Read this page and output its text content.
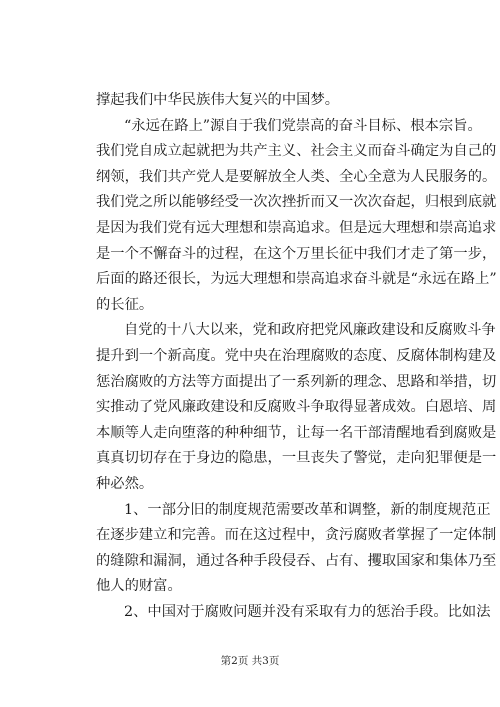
撑起我们中华民族伟大复兴的中国梦。
“永远在路上”源自于我们党崇高的奋斗目标、根本宗旨。
我们党自成立起就把为共产主义、社会主义而奋斗确定为自己的
纲领，我们共产党人是要解放全人类、全心全意为人民服务的。
我们党之所以能够经受一次次挫折而又一次次奋起，归根到底就
是因为我们党有远大理想和崇高追求。但是远大理想和崇高追求
是一个不懈奋斗的过程，在这个万里长征中我们才走了第一步，
后面的路还很长，为远大理想和崇高追求奋斗就是“永远在路上”
的长征。
自党的十八大以来，党和政府把党风廉政建设和反腐败斗争
提升到一个新高度。党中央在治理腐败的态度、反腐体制构建及
惩治腐败的方法等方面提出了一系列新的理念、思路和举措，切
实推动了党风廉政建设和反腐败斗争取得显著成效。白恩培、周
本顺等人走向堕落的种种细节，让每一名干部清醒地看到腐败是
真真切切存在于身边的隐患，一旦丧失了警觉，走向犯罪便是一
种必然。
1、一部分旧的制度规范需要改革和调整，新的制度规范正
在逐步建立和完善。而在这过程中，贪污腐败者掌握了一定体制
的缝隙和漏洞，通过各种手段侵吞、占有、攫取国家和集体乃至
他人的财富。
2、中国对于腐败问题并没有采取有力的惩治手段。比如法
第2页 共3页
